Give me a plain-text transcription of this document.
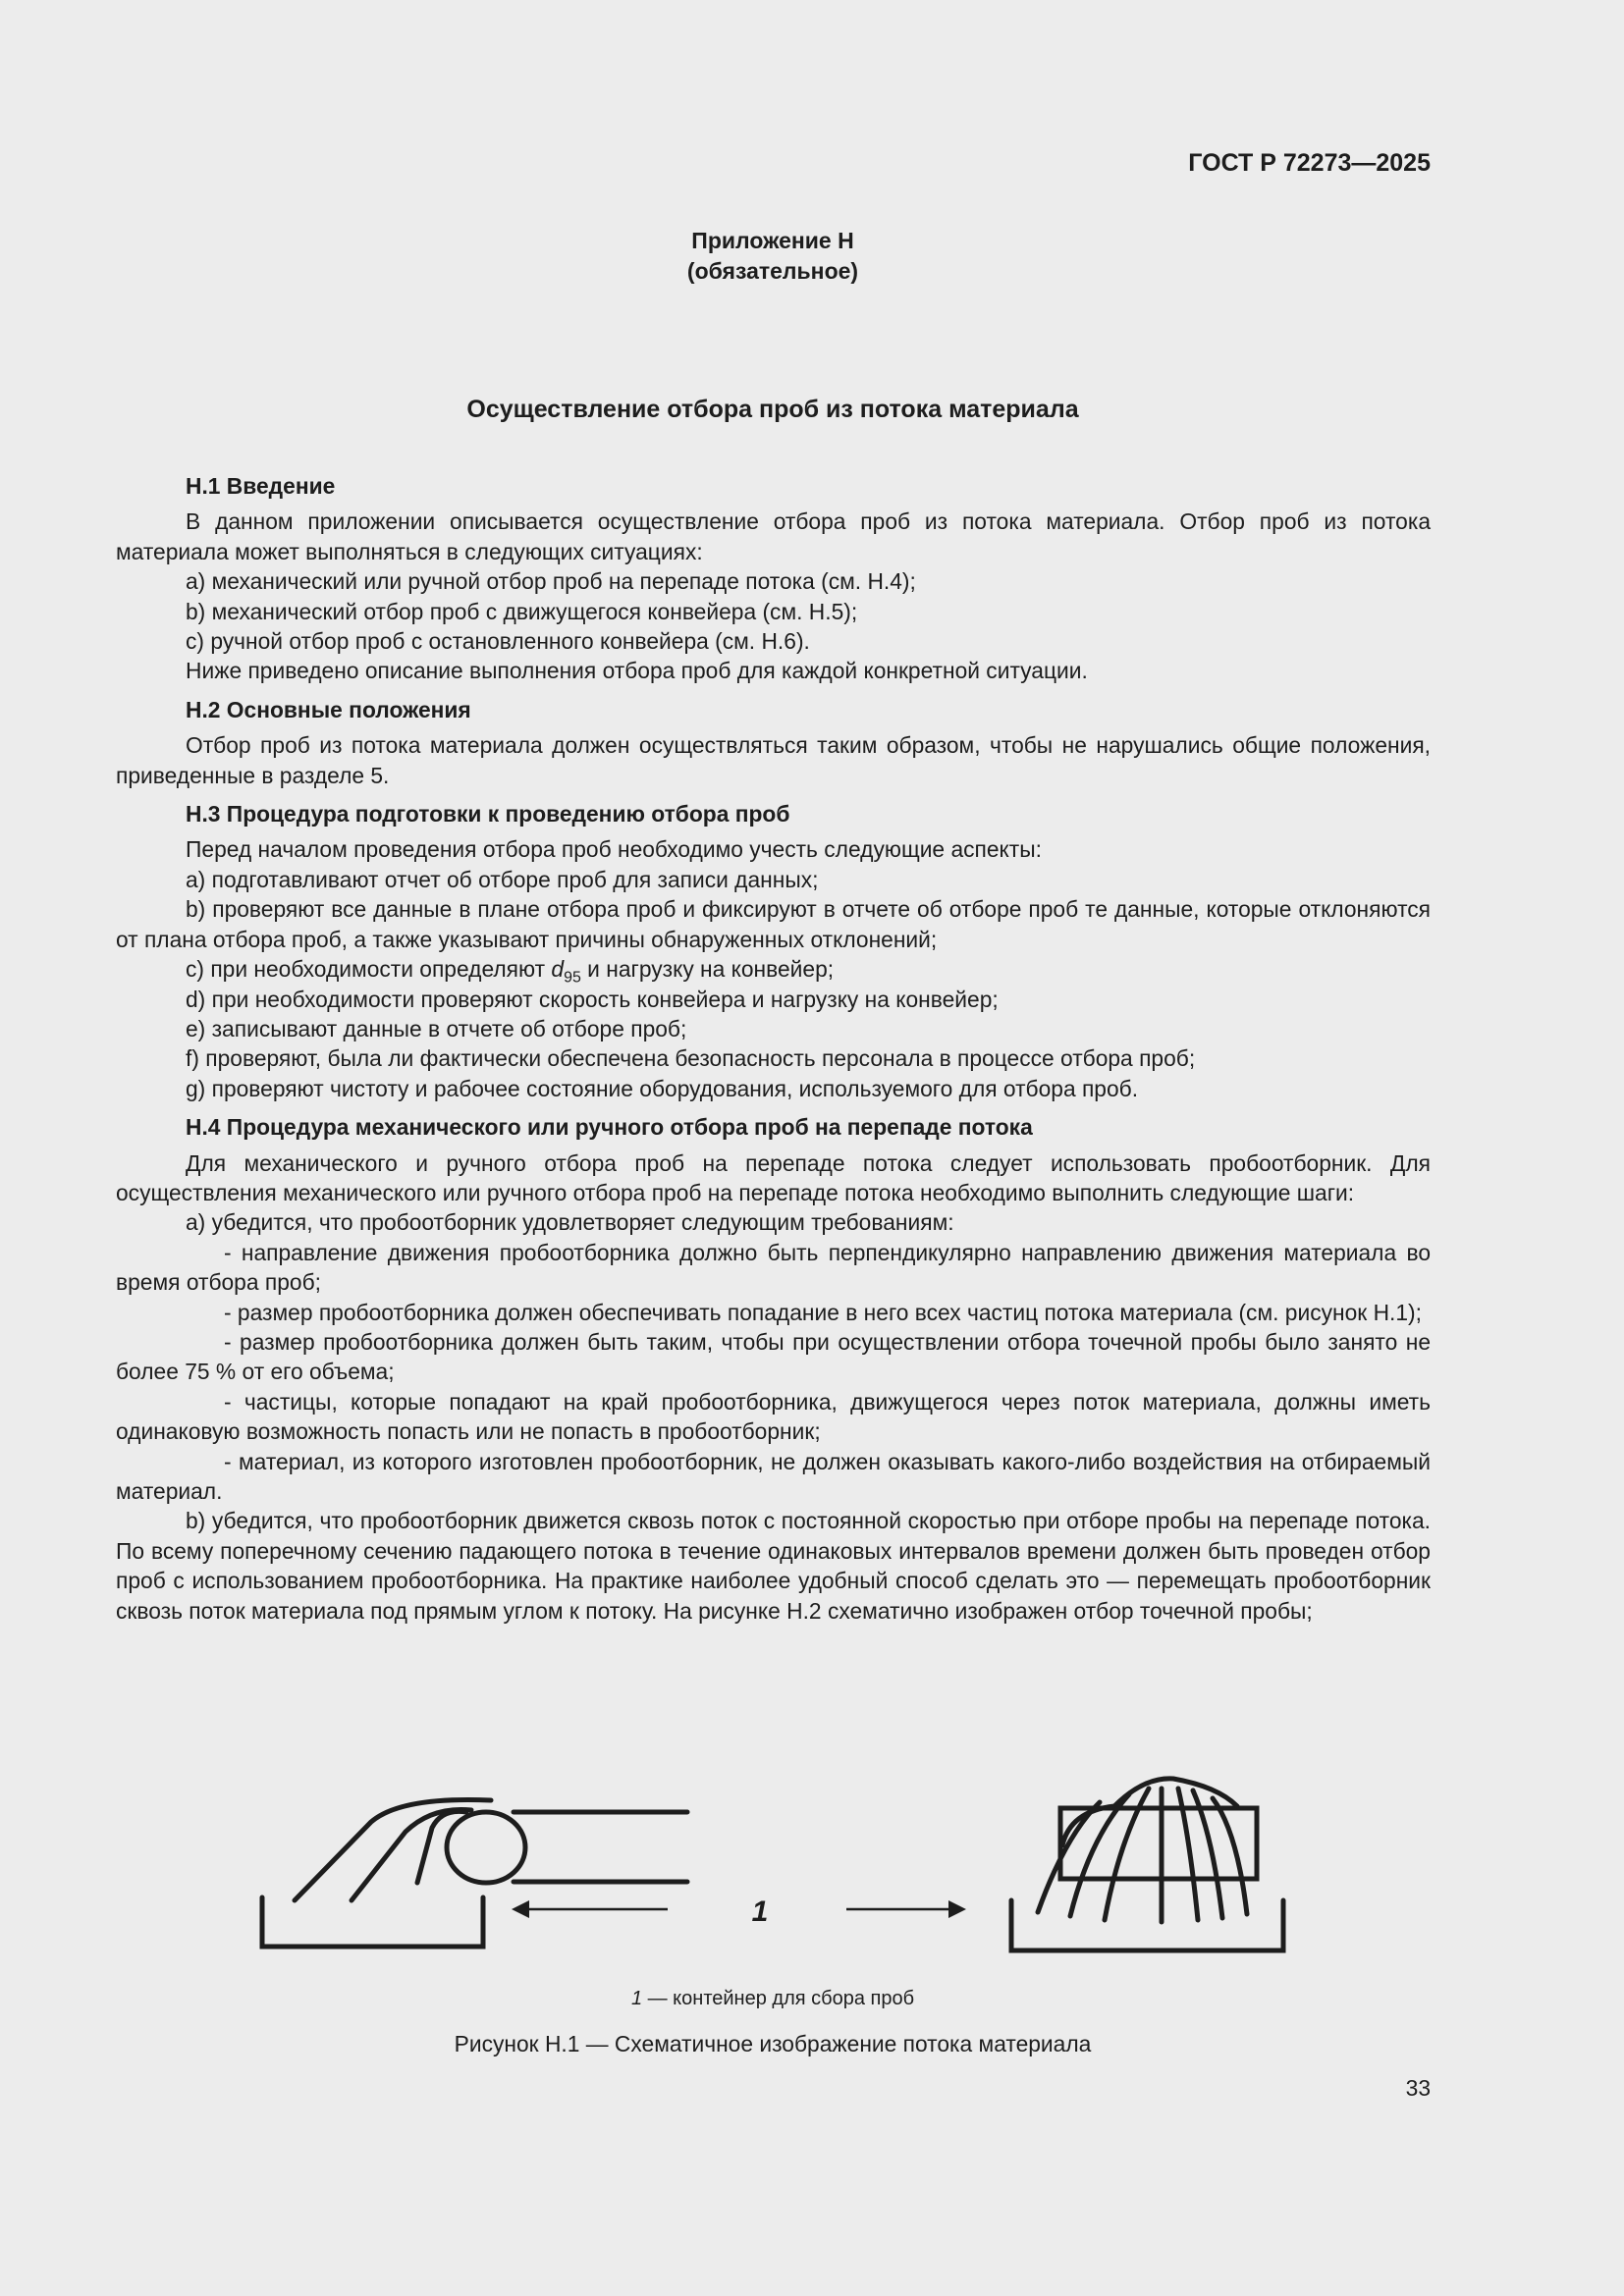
ГОСТ Р 72273—2025
Приложение Н
(обязательное)
Осуществление отбора проб из потока материала

Н.1 Введение

В данном приложении описывается осуществление отбора проб из потока материала. Отбор проб из потока материала может выполняться в следующих ситуациях:

a) механический или ручной отбор проб на перепаде потока (см. Н.4);

b) механический отбор проб с движущегося конвейера (см. Н.5);

c) ручной отбор проб с остановленного конвейера (см. Н.6).

Ниже приведено описание выполнения отбора проб для каждой конкретной ситуации.

Н.2 Основные положения

Отбор проб из потока материала должен осуществляться таким образом, чтобы не нарушались общие положения, приведенные в разделе 5.

Н.3 Процедура подготовки к проведению отбора проб

Перед началом проведения отбора проб необходимо учесть следующие аспекты:

a) подготавливают отчет об отборе проб для записи данных;

b) проверяют все данные в плане отбора проб и фиксируют в отчете об отборе проб те данные, которые отклоняются от плана отбора проб, а также указывают причины обнаруженных отклонений;

c) при необходимости определяют $d_{95}$ и нагрузку на конвейер;

d) при необходимости проверяют скорость конвейера и нагрузку на конвейер;

e) записывают данные в отчете об отборе проб;

f) проверяют, была ли фактически обеспечена безопасность персонала в процессе отбора проб;

g) проверяют чистоту и рабочее состояние оборудования, используемого для отбора проб.

Н.4 Процедура механического или ручного отбора проб на перепаде потока

Для механического и ручного отбора проб на перепаде потока следует использовать пробоотборник. Для осуществления механического или ручного отбора проб на перепаде потока необходимо выполнить следующие шаги:

a) убедится, что пробоотборник удовлетворяет следующим требованиям:

- направление движения пробоотборника должно быть перпендикулярно направлению движения материала во время отбора проб;

- размер пробоотборника должен обеспечивать попадание в него всех частиц потока материала (см. рисунок Н.1);

- размер пробоотборника должен быть таким, чтобы при осуществлении отбора точечной пробы было занято не более 75 % от его объема;

- частицы, которые попадают на край пробоотборника, движущегося через поток материала, должны иметь одинаковую возможность попасть или не попасть в пробоотборник;

- материал, из которого изготовлен пробоотборник, не должен оказывать какого-либо воздействия на отбираемый материал.

b) убедится, что пробоотборник движется сквозь поток с постоянной скоростью при отборе пробы на перепаде потока. По всему поперечному сечению падающего потока в течение одинаковых интервалов времени должен быть проведен отбор проб с использованием пробоотборника. На практике наиболее удобный способ сделать это — перемещать пробоотборник сквозь поток материала под прямым углом к потоку. На рисунке Н.2 схематично изображен отбор точечной пробы;

1
1 — контейнер для сбора проб
Рисунок Н.1 — Схематичное изображение потока материала
33
